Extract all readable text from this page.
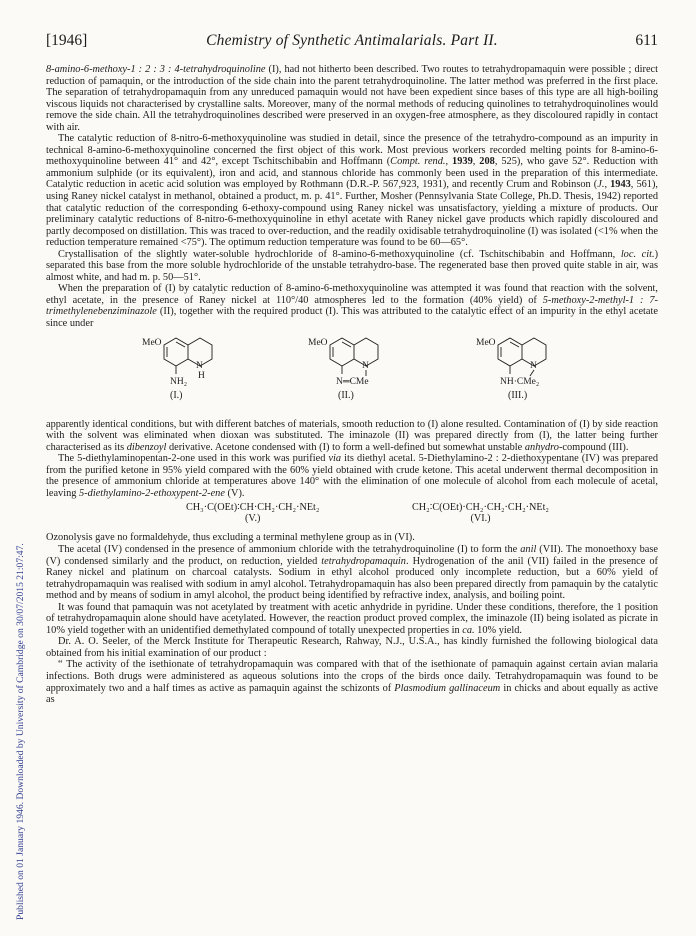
Published on 01 January 1946. Downloaded by University of Cambridge on 30/07/2015 21:07:47.
[1946]	Chemistry of Synthetic Antimalarials. Part II.	611

8-amino-6-methoxy-1 : 2 : 3 : 4-tetrahydroquinoline (I), had not hitherto been described. Two routes to tetrahydropamaquin were possible ; direct reduction of pamaquin, or the introduction of the side chain into the parent tetrahydroquinoline. The latter method was preferred in the first place. The separation of tetrahydropamaquin from any unreduced pamaquin would not have been expedient since bases of this type are all high-boiling viscous liquids not characterised by crystalline salts. Moreover, many of the normal methods of reducing quinolines to tetrahydroquinolines would remove the side chain. All the tetrahydroquinolines described were preserved in an oxygen-free atmosphere, as they discoloured rapidly in contact with air.

The catalytic reduction of 8-nitro-6-methoxyquinoline was studied in detail, since the presence of the tetrahydro-compound as an impurity in technical 8-amino-6-methoxyquinoline concerned the first object of this work. Most previous workers recorded melting points for 8-amino-6-methoxyquinoline between 41° and 42°, except Tschitschibabin and Hoffmann (Compt. rend., 1939, 208, 525), who gave 52°. Reduction with ammonium sulphide (or its equivalent), iron and acid, and stannous chloride has commonly been used in the preparation of this intermediate. Catalytic reduction in acetic acid solution was employed by Rothmann (D.R.-P. 567,923, 1931), and recently Crum and Robinson (J., 1943, 561), using Raney nickel catalyst in methanol, obtained a product, m. p. 41°. Further, Mosher (Pennsylvania State College, Ph.D. Thesis, 1942) reported that catalytic reduction of the corresponding 6-ethoxy-compound using Raney nickel was unsatisfactory, yielding a mixture of products. Our preliminary catalytic reductions of 8-nitro-6-methoxyquinoline in ethyl acetate with Raney nickel gave products which rapidly discoloured and partly decomposed on distillation. This was traced to over-reduction, and the readily oxidisable tetrahydroquinoline (I) was isolated (<1% when the reduction temperature remained <75°). The optimum reduction temperature was found to be 60—65°.

Crystallisation of the slightly water-soluble hydrochloride of 8-amino-6-methoxyquinoline (cf. Tschitschibabin and Hoffmann, loc. cit.) separated this base from the more soluble hydrochloride of the unstable tetrahydro-base. The regenerated base then proved quite stable in air, was almost white, and had m. p. 50—51°.

When the preparation of (I) by catalytic reduction of 8-amino-6-methoxyquinoline was attempted it was found that reaction with the solvent, ethyl acetate, in the presence of Raney nickel at 110°/40 atmospheres led to the formation (40% yield) of 5-methoxy-2-methyl-1 : 7-trimethylenebenziminazole (II), together with the required product (I). This was attributed to the catalytic effect of an impurity in the ethyl acetate since under

MeO
N
H
NH₂
(I.)
MeO
N
N═CMe
(II.)
MeO
N
NH·CMe₂
(III.)

apparently identical conditions, but with different batches of materials, smooth reduction to (I) alone resulted. Contamination of (I) by side reaction with the solvent was eliminated when dioxan was substituted. The iminazole (II) was prepared directly from (I), the latter being further characterised as its dibenzoyl derivative. Acetone condensed with (I) to form a well-defined but somewhat unstable anhydro-compound (III).

The 5-diethylaminopentan-2-one used in this work was purified via its diethyl acetal. 5-Diethylamino-2 : 2-diethoxypentane (IV) was prepared from the purified ketone in 95% yield compared with the 60% yield obtained with crude ketone. This acetal underwent thermal decomposition in the presence of ammonium chloride at temperatures above 140° with the elimination of one molecule of alcohol from each molecule of acetal, leaving 5-diethylamino-2-ethoxypent-2-ene (V).

CH₃·C(OEt)∶CH·CH₂·CH₂·NEt₂
(V.)
CH₂∶C(OEt)·CH₂·CH₂·CH₂·NEt₂
(VI.)

Ozonolysis gave no formaldehyde, thus excluding a terminal methylene group as in (VI).

The acetal (IV) condensed in the presence of ammonium chloride with the tetrahydroquinoline (I) to form the anil (VII). The monoethoxy base (V) condensed similarly and the product, on reduction, yielded tetrahydropamaquin. Hydrogenation of the anil (VII) failed in the presence of Raney nickel and platinum on charcoal catalysts. Sodium in ethyl alcohol produced only incomplete reduction, but a 60% yield of tetrahydropamaquin was realised with sodium in amyl alcohol. Tetrahydropamaquin has also been prepared directly from pamaquin by the catalytic method and by means of sodium in amyl alcohol, the product being identified by refractive index, analysis, and boiling point.

It was found that pamaquin was not acetylated by treatment with acetic anhydride in pyridine. Under these conditions, therefore, the 1 position of tetrahydropamaquin alone should have acetylated. However, the reaction product proved complex, the iminazole (II) being isolated as picrate in 10% yield together with an unidentified demethylated compound of totally unexpected properties in ca. 10% yield.

Dr. A. O. Seeler, of the Merck Institute for Therapeutic Research, Rahway, N.J., U.S.A., has kindly furnished the following biological data obtained from his initial examination of our product :

“ The activity of the isethionate of tetrahydropamaquin was compared with that of the isethionate of pamaquin against certain avian malaria infections. Both drugs were administered as aqueous solutions into the crops of the birds once daily. Tetrahydropamaquin was found to be approximately two and a half times as active as pamaquin against the schizonts of Plasmodium gallinaceum in chicks and about equally as active as
